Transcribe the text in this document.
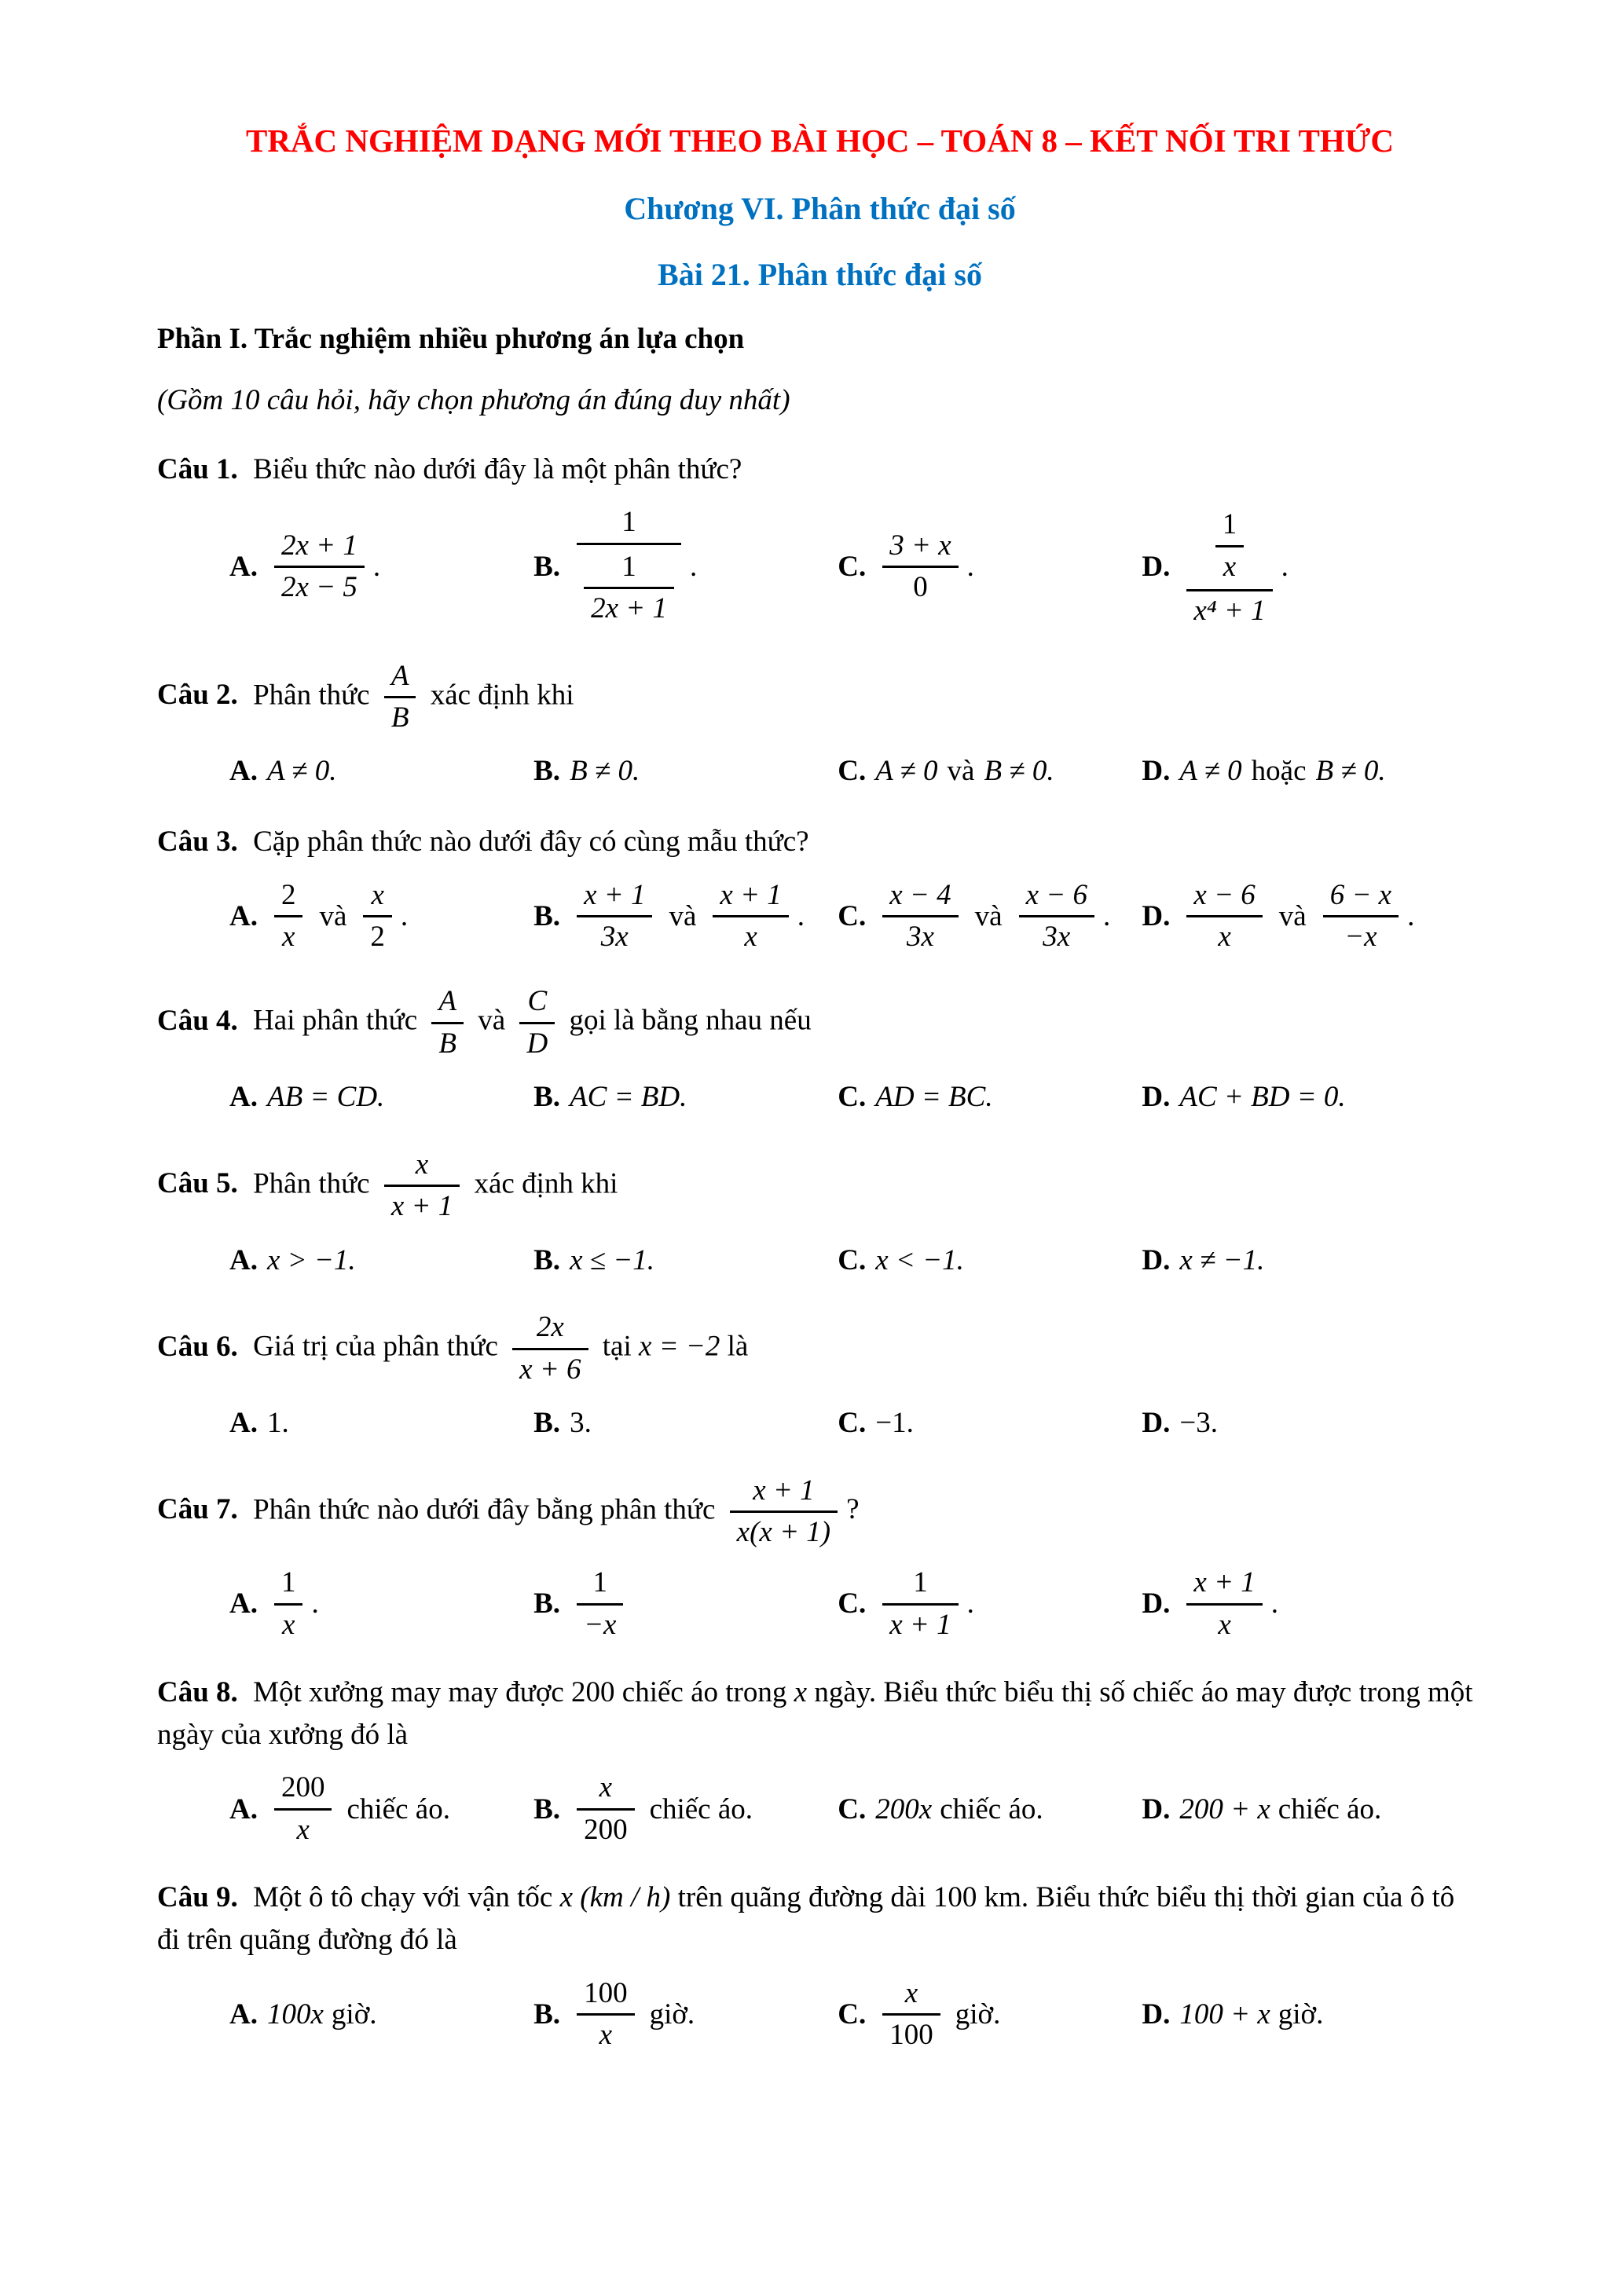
TRẮC NGHIỆM DẠNG MỚI THEO BÀI HỌC – TOÁN 8 – KẾT NỐI TRI THỨC
Chương VI. Phân thức đại số
Bài 21. Phân thức đại số

Phần I. Trắc nghiệm nhiều phương án lựa chọn

(Gồm 10 câu hỏi, hãy chọn phương án đúng duy nhất)

Câu 1. Biểu thức nào dưới đây là một phân thức?

A. $\frac{2x + 1}{2x - 5}$ .	B. $\frac{1}{\frac{1}{2x + 1}}$ .	C. $\frac{3 + x}{0}$ .	D. $\frac{\frac{1}{x}}{\text{x⁴ + 1}}$ .

Câu 2. Phân thức $\frac{A}{B}$ xác định khi

A. A ≠ 0.	B. B ≠ 0.	C. A ≠ 0 và B ≠ 0.	D. A ≠ 0 hoặc B ≠ 0.

Câu 3. Cặp phân thức nào dưới đây có cùng mẫu thức?

A. $\frac{2}{x}$ và $\frac{x}{2}$ .	B. $\frac{x + 1}{3x}$ và $\frac{x + 1}{x}$ . C. $\frac{x - 4}{3x}$ và $\frac{x - 6}{3x}$ . D. $\frac{x - 6}{x}$ và $\frac{6 - x}{-x}$ .

Câu 4. Hai phân thức $\frac{A}{B}$ và $\frac{C}{D}$ gọi là bằng nhau nếu

A. AB = CD.	B. AC = BD.	C. AD = BC.	D. AC + BD = 0.

Câu 5. Phân thức $\frac{x}{x + 1}$ xác định khi

A. x > −1.	B. x ≤ −1.	C. x < −1.	D. x ≠ −1.

Câu 6. Giá trị của phân thức $\frac{2x}{x + 6}$ tại x = −2 là

A. 1.	B. 3.	C. −1.	D. −3.

Câu 7. Phân thức nào dưới đây bằng phân thức $\frac{x + 1}{x(x + 1)}$ ?

A. $\frac{1}{x}$ .	B. $\frac{1}{-x}$	C. $\frac{1}{x + 1}$ .	D. $\frac{x + 1}{x}$ .

Câu 8. Một xưởng may may được 200 chiếc áo trong x ngày. Biểu thức biểu thị số chiếc áo may được trong một ngày của xưởng đó là

A. $\frac{200}{x}$ chiếc áo.	B. $\frac{x}{200}$ chiếc áo.	C. 200x chiếc áo.	D. 200 + x chiếc áo.

Câu 9. Một ô tô chạy với vận tốc x (km / h) trên quãng đường dài 100 km. Biểu thức biểu thị thời gian của ô tô đi trên quãng đường đó là

A. 100x giờ.	B. $\frac{100}{x}$ giờ.	C. $\frac{x}{100}$ giờ.	D. 100 + x giờ.
